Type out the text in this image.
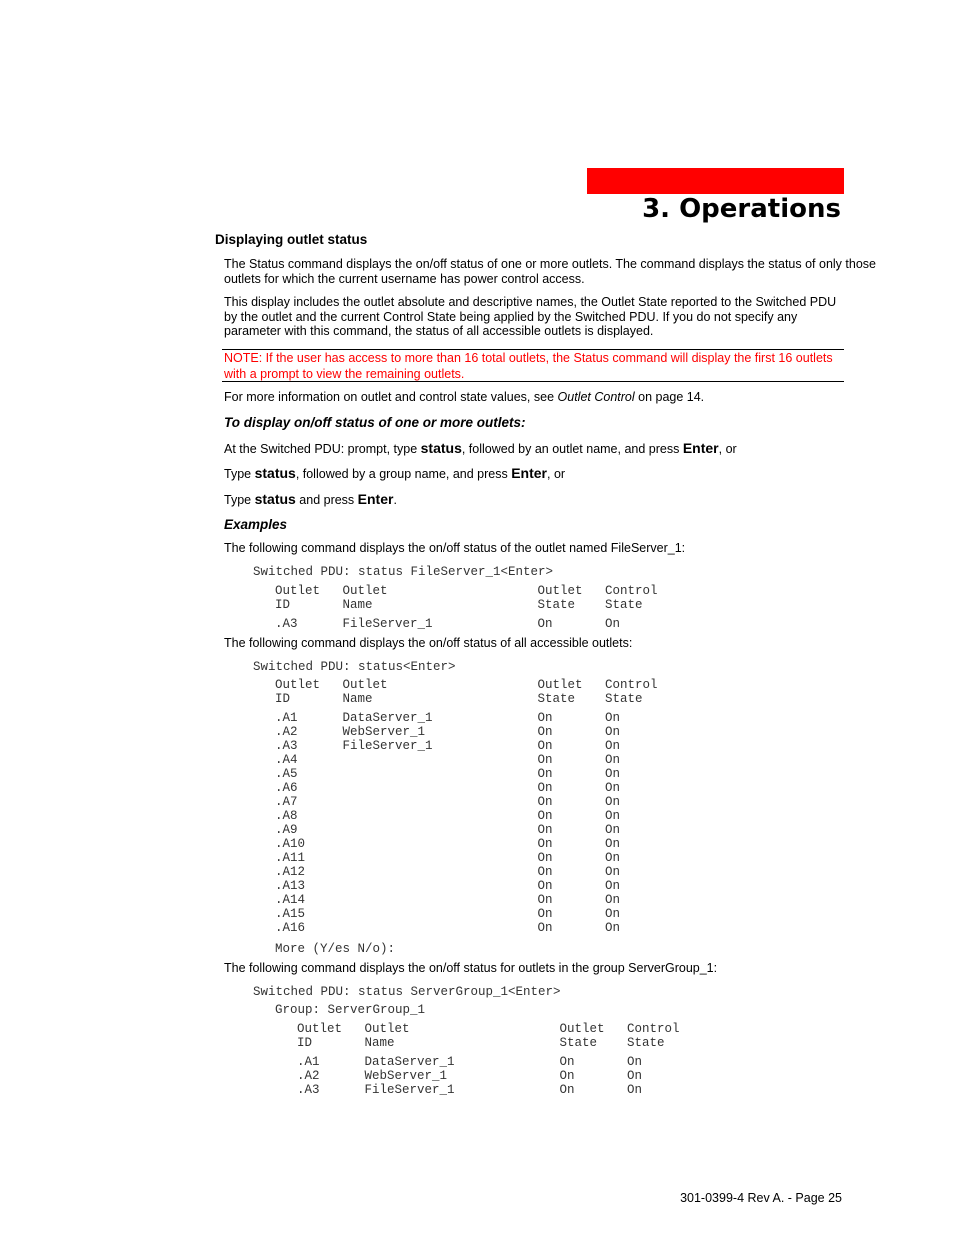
3. Operations
Displaying outlet status

The Status command displays the on/off status of one or more outlets. The command displays the status of only those

outlets for which the current username has power control access.

This display includes the outlet absolute and descriptive names, the Outlet State reported to the Switched PDU

by the outlet and the current Control State being applied by the Switched PDU. If you do not specify any

parameter with this command, the status of all accessible outlets is displayed.

NOTE: If the user has access to more than 16 total outlets, the Status command will display the first 16 outlets

with a prompt to view the remaining outlets.

For more information on outlet and control state values, see Outlet Control on page 14.

To display on/off status of one or more outlets:

At the Switched PDU: prompt, type status, followed by an outlet name, and press Enter, or

Type status, followed by a group name, and press Enter, or

Type status and press Enter.

Examples

The following command displays the on/off status of the outlet named FileServer_1:

Switched PDU: status FileServer_1<Enter>
Outlet   Outlet                    Outlet   Control
ID       Name                      State    State
.A3      FileServer_1              On       On

The following command displays the on/off status of all accessible outlets:

Switched PDU: status<Enter>
Outlet   Outlet                    Outlet   Control
ID       Name                      State    State
.A1      DataServer_1              On       On
.A2      WebServer_1               On       On
.A3      FileServer_1              On       On
.A4                                On       On
.A5                                On       On
.A6                                On       On
.A7                                On       On
.A8                                On       On
.A9                                On       On
.A10                               On       On
.A11                               On       On
.A12                               On       On
.A13                               On       On
.A14                               On       On
.A15                               On       On
.A16                               On       On
More (Y/es N/o):

The following command displays the on/off status for outlets in the group ServerGroup_1:

Switched PDU: status ServerGroup_1<Enter>
Group: ServerGroup_1
Outlet   Outlet                    Outlet   Control
ID       Name                      State    State
.A1      DataServer_1              On       On
.A2      WebServer_1               On       On
.A3      FileServer_1              On       On
301-0399-4 Rev A. - Page 25
